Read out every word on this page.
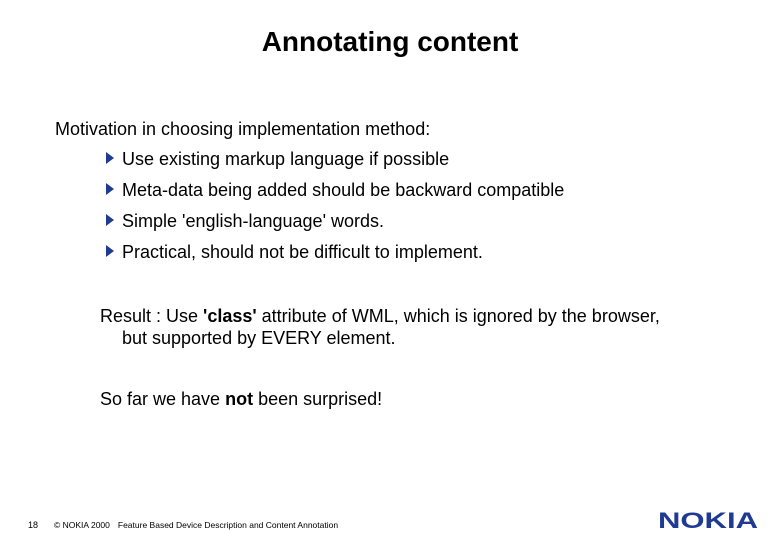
Annotating content
Motivation in choosing implementation method:
Use existing markup language if possible
Meta-data being added should be backward compatible
Simple 'english-language' words.
Practical, should not be difficult to implement.
Result : Use 'class' attribute of WML, which is ignored by the browser,
but supported by EVERY element.
So far we have not been surprised!
18 © NOKIA 2000 Feature Based Device Description and Content Annotation	NOKIA
